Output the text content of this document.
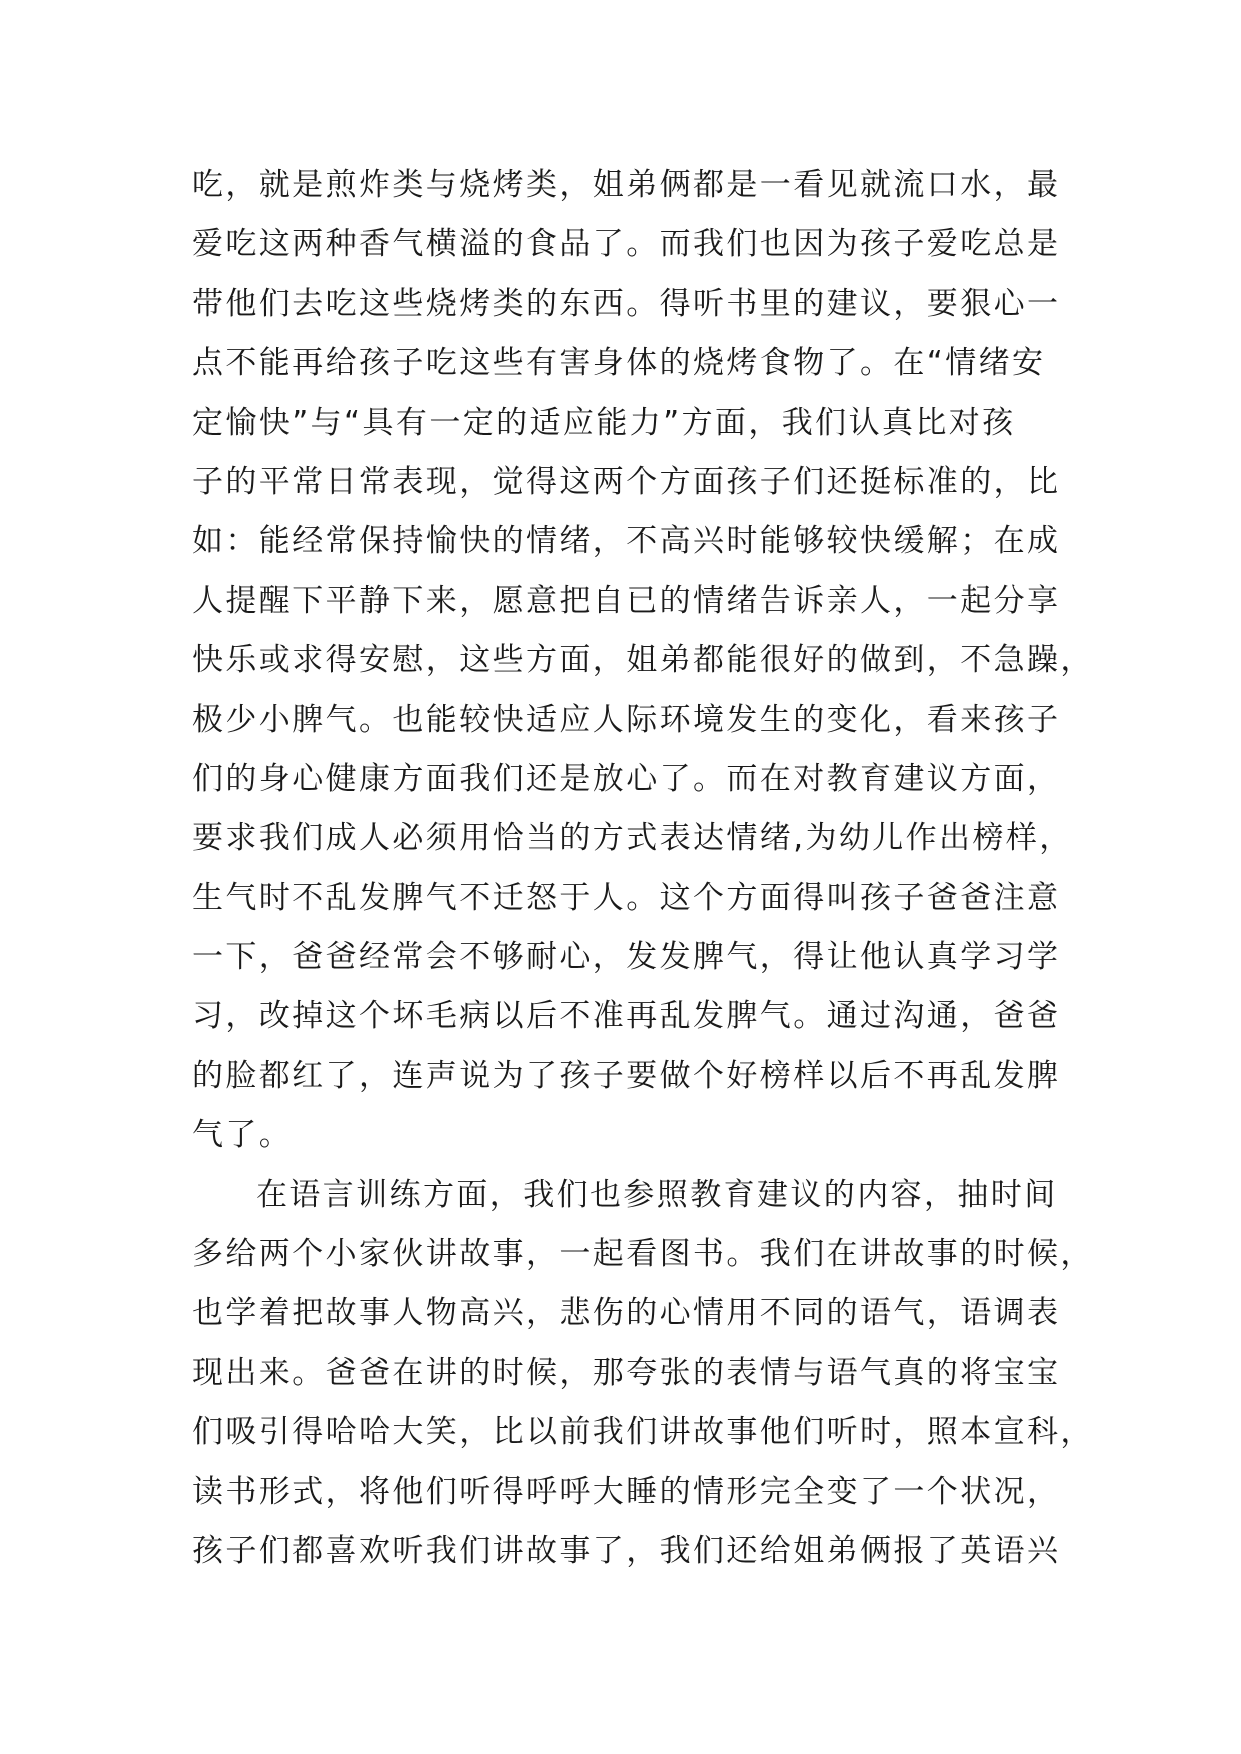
吃，就是煎炸类与烧烤类，姐弟俩都是一看见就流口水，最
爱吃这两种香气横溢的食品了。而我们也因为孩子爱吃总是
带他们去吃这些烧烤类的东西。得听书里的建议，要狠心一
点不能再给孩子吃这些有害身体的烧烤食物了。在“情绪安
定愉快”与“具有一定的适应能力”方面，我们认真比对孩
子的平常日常表现，觉得这两个方面孩子们还挺标准的，比
如：能经常保持愉快的情绪，不高兴时能够较快缓解；在成
人提醒下平静下来，愿意把自已的情绪告诉亲人，一起分享
快乐或求得安慰，这些方面，姐弟都能很好的做到，不急躁，
极少小脾气。也能较快适应人际环境发生的变化，看来孩子
们的身心健康方面我们还是放心了。而在对教育建议方面，
要求我们成人必须用恰当的方式表达情绪,为幼儿作出榜样，
生气时不乱发脾气不迁怒于人。这个方面得叫孩子爸爸注意
一下，爸爸经常会不够耐心，发发脾气，得让他认真学习学
习，改掉这个坏毛病以后不准再乱发脾气。通过沟通，爸爸
的脸都红了，连声说为了孩子要做个好榜样以后不再乱发脾
气了。
在语言训练方面，我们也参照教育建议的内容，抽时间
多给两个小家伙讲故事，一起看图书。我们在讲故事的时候，
也学着把故事人物高兴，悲伤的心情用不同的语气，语调表
现出来。爸爸在讲的时候，那夸张的表情与语气真的将宝宝
们吸引得哈哈大笑，比以前我们讲故事他们听时，照本宣科，
读书形式，将他们听得呼呼大睡的情形完全变了一个状况，
孩子们都喜欢听我们讲故事了，我们还给姐弟俩报了英语兴
